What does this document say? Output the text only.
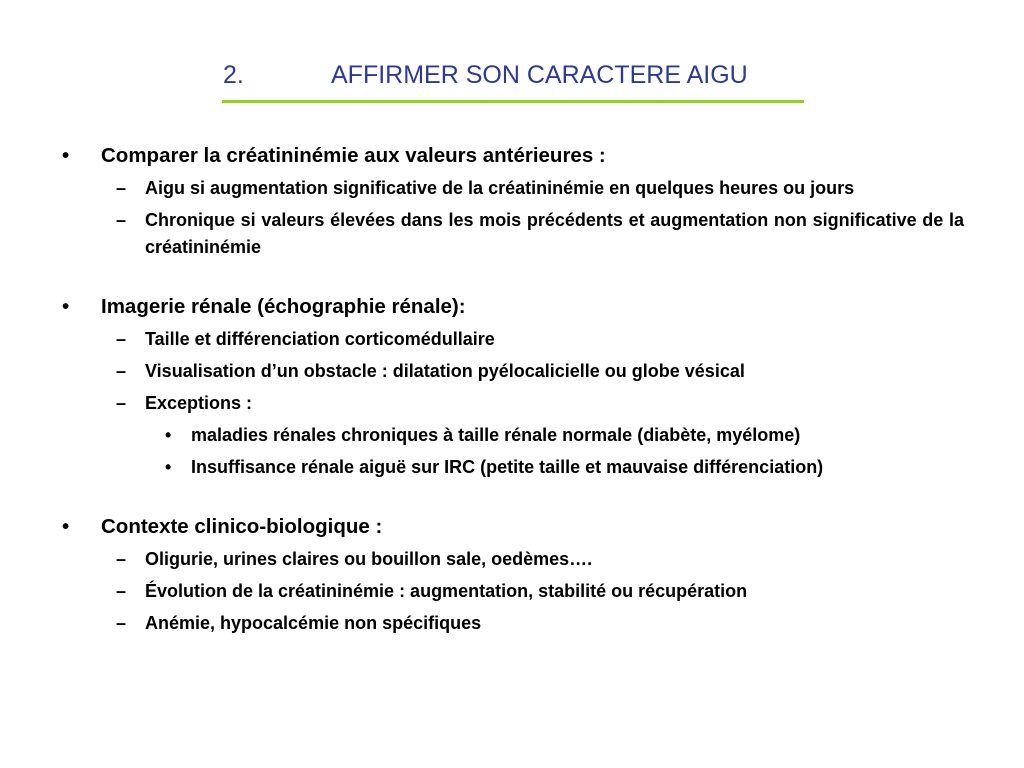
2.	AFFIRMER SON CARACTERE AIGU

• Comparer la créatininémie aux valeurs antérieures :

– Aigu si augmentation significative de la créatininémie en quelques heures ou jours

– Chronique si valeurs élevées dans les mois précédents et augmentation non significative de la créatininémie

• Imagerie rénale (échographie rénale):

– Taille et différenciation corticomédullaire

– Visualisation d’un obstacle : dilatation pyélocalicielle ou globe vésical

– Exceptions :

• maladies rénales chroniques à taille rénale normale (diabète, myélome)

• Insuffisance rénale aiguë sur IRC (petite taille et mauvaise différenciation)

• Contexte clinico-biologique :

– Oligurie, urines claires ou bouillon sale, oedèmes….

– Évolution de la créatininémie : augmentation, stabilité ou récupération

– Anémie, hypocalcémie non spécifiques
